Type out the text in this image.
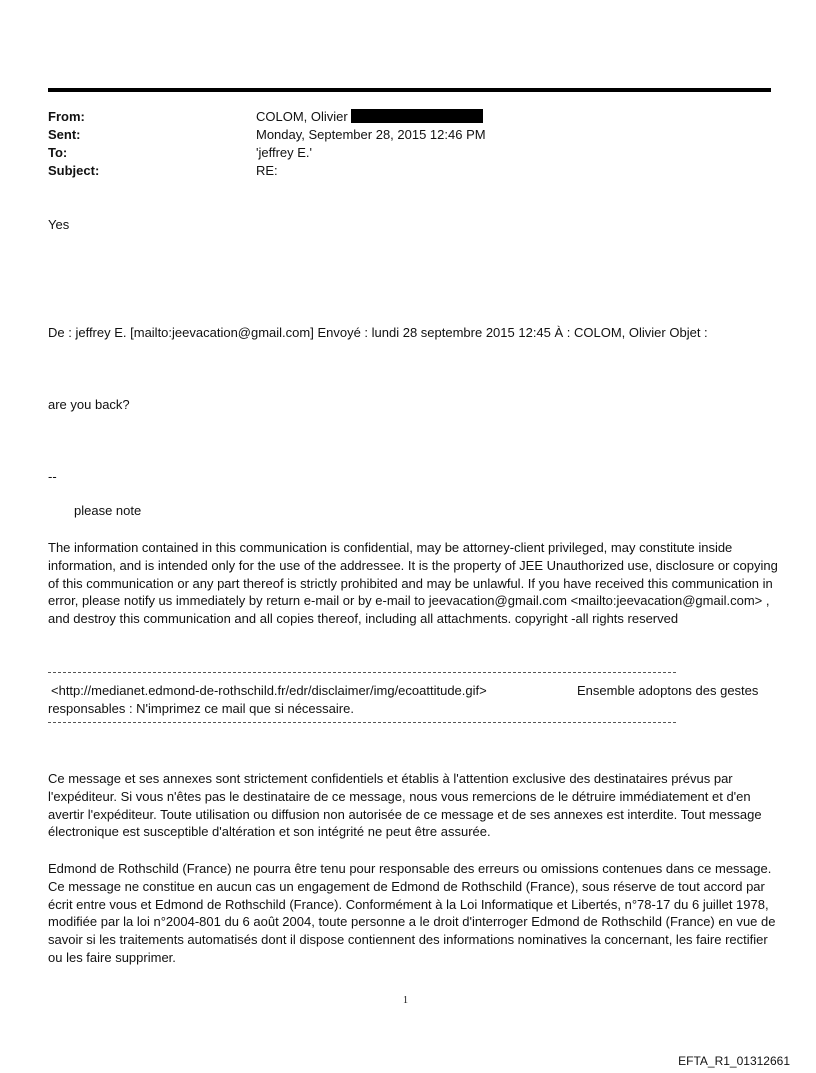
From:	COLOM, Olivier
Sent:	Monday, September 28, 2015 12:46 PM
To:	'jeffrey E.'
Subject:	RE:
Yes
De : jeffrey E. [mailto:jeevacation@gmail.com] Envoyé : lundi 28 septembre 2015 12:45 À : COLOM, Olivier Objet :
are you back?
--
please note
The information contained in this communication is confidential, may be attorney-client privileged, may constitute inside information, and is intended only for the use of the addressee. It is the property of JEE Unauthorized use, disclosure or copying of this communication or any part thereof is strictly prohibited and may be unlawful. If you have received this communication in error, please notify us immediately by return e-mail or by e-mail to jeevacation@gmail.com <mailto:jeevacation@gmail.com> , and destroy this communication and all copies thereof, including all attachments. copyright -all rights reserved
<http://medianet.edmond-de-rothschild.fr/edr/disclaimer/img/ecoattitude.gif>	Ensemble adoptons des gestes
responsables : N'imprimez ce mail que si nécessaire.
Ce message et ses annexes sont strictement confidentiels et établis à l'attention exclusive des destinataires prévus par l'expéditeur. Si vous n'êtes pas le destinataire de ce message, nous vous remercions de le détruire immédiatement et d'en avertir l'expéditeur. Toute utilisation ou diffusion non autorisée de ce message et de ses annexes est interdite. Tout message électronique est susceptible d'altération et son intégrité ne peut être assurée.
Edmond de Rothschild (France) ne pourra être tenu pour responsable des erreurs ou omissions contenues dans ce message. Ce message ne constitue en aucun cas un engagement de Edmond de Rothschild (France), sous réserve de tout accord par écrit entre vous et Edmond de Rothschild (France). Conformément à la Loi Informatique et Libertés, n°78-17 du 6 juillet 1978, modifiée par la loi n°2004-801 du 6 août 2004, toute personne a le droit d'interroger Edmond de Rothschild (France) en vue de savoir si les traitements automatisés dont il dispose contiennent des informations nominatives la concernant, les faire rectifier ou les faire supprimer.
1
EFTA_R1_01312661
